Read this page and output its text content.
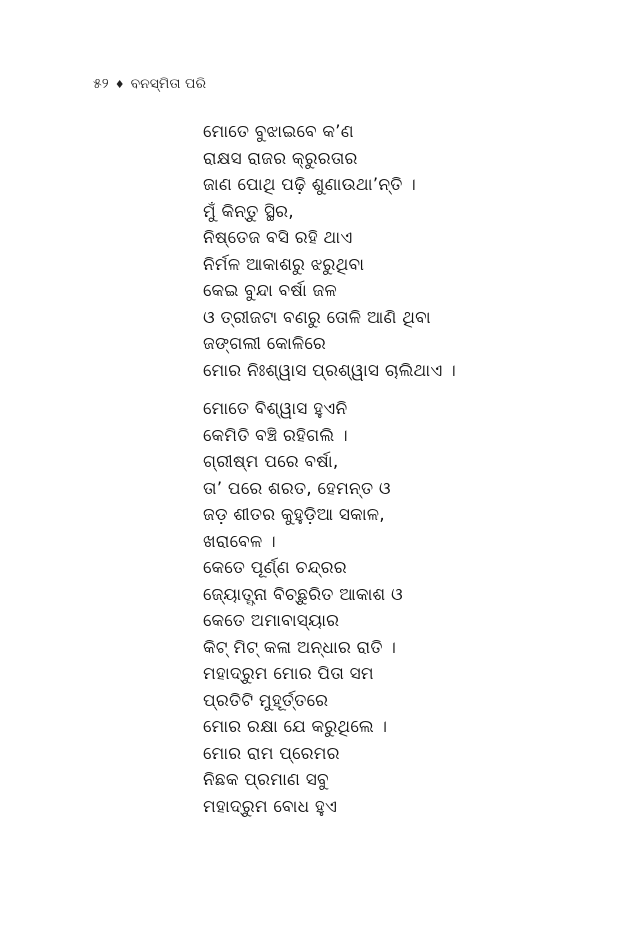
୫୨ ♦ ବନସ୍ମିତା ପରି
ମୋତେ ବୁଝାଇବେ କ’ଣ
ରାକ୍ଷସ ରାଜର କ୍ରୁରତାର
ଜାଣ ପୋଥି ପଢ଼ି ଶୁଣାଉଥା’ନ୍ତି ।
ମୁଁ କିନ୍ତୁ ସ୍ଥିର,
ନିଷ୍ତେଜ ବସି ରହି ଥାଏ
ନିର୍ମଳ ଆକାଶରୁ ଝରୁଥିବା
କେଇ ବୁନ୍ଦା ବର୍ଷା ଜଳ
ଓ ତ୍ରୀଜଟା ବଣରୁ ତୋଳି ଆଣି ଥିବା
ଜଙ୍ଗଲୀ କୋଳିରେ
ମୋର ନିଃଶ୍ୱାସ ପ୍ରଶ୍ୱାସ ଚାଲିଥାଏ ।
ମୋତେ ବିଶ୍ୱାସ ହୁଏନି
କେମିତି ବଞ୍ଚି ରହିଗଲି ।
ଗ୍ରୀଷ୍ମ ପରେ ବର୍ଷା,
ତା’ ପରେ ଶରତ, ହେମନ୍ତ ଓ
ଜଡ଼ ଶୀତର କୁହୁଡ଼ିଆ ସକାଳ,
ଖରାବେଳ ।
କେତେ ପୂର୍ଣ୍ଣ ଚନ୍ଦ୍ରର
ଜ୍ୟୋତ୍ସ୍ନା ବିଚ୍ଛୁରିତ ଆକାଶ ଓ
କେତେ ଅମାବାସ୍ୟାର
କିଟ୍ ମିଟ୍ କଳା ଅନ୍ଧାର ରାତି ।
ମହାଦ୍ରୁମ ମୋର ପିତା ସମ
ପ୍ରତିଟି ମୁହୂର୍ତ୍ତରେ
ମୋର ରକ୍ଷା ଯେ କରୁଥିଲେ ।
ମୋର ରାମ ପ୍ରେମର
ନିଛକ ପ୍ରମାଣ ସବୁ
ମହାଦ୍ରୁମ ବୋଧ ହୁଏ
